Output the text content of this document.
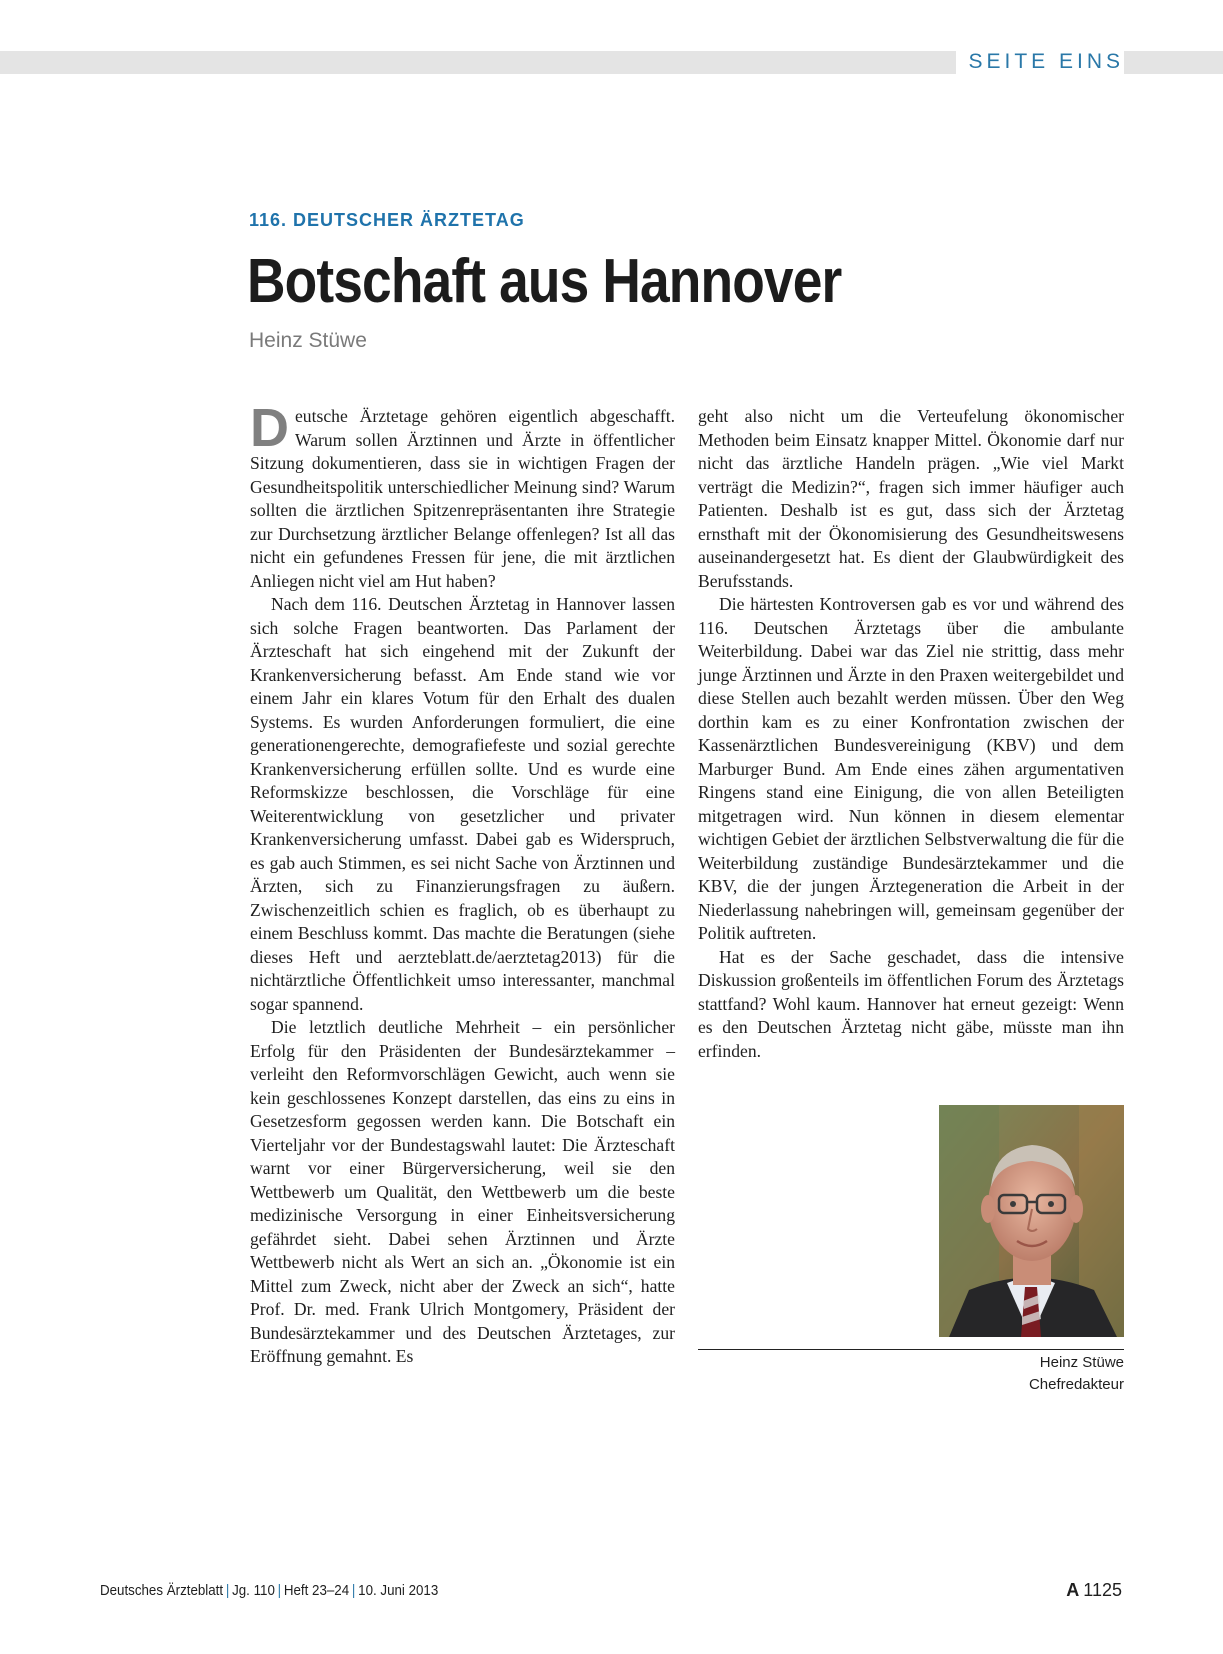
SEITE EINS
116. DEUTSCHER ÄRZTETAG
Botschaft aus Hannover
Heinz Stüwe

Deutsche Ärztetage gehören eigentlich abgeschafft. Warum sollen Ärztinnen und Ärzte in öffentlicher Sitzung dokumentieren, dass sie in wichtigen Fragen der Gesundheitspolitik unterschiedlicher Meinung sind? Warum sollten die ärztlichen Spitzenrepräsentanten ihre Strategie zur Durchsetzung ärztlicher Belange offenlegen? Ist all das nicht ein gefundenes Fressen für jene, die mit ärztlichen Anliegen nicht viel am Hut haben?

Nach dem 116. Deutschen Ärztetag in Hannover lassen sich solche Fragen beantworten. Das Parlament der Ärzteschaft hat sich eingehend mit der Zukunft der Krankenversicherung befasst. Am Ende stand wie vor einem Jahr ein klares Votum für den Erhalt des dualen Systems. Es wurden Anforderungen formuliert, die eine generationengerechte, demografiefeste und sozial gerechte Krankenversicherung erfüllen sollte. Und es wurde eine Reformskizze beschlossen, die Vorschläge für eine Weiterentwicklung von gesetzlicher und privater Krankenversicherung umfasst. Dabei gab es Widerspruch, es gab auch Stimmen, es sei nicht Sache von Ärztinnen und Ärzten, sich zu Finanzierungsfragen zu äußern. Zwischenzeitlich schien es fraglich, ob es überhaupt zu einem Beschluss kommt. Das machte die Beratungen (siehe dieses Heft und aerzteblatt.de/aerztetag2013) für die nichtärztliche Öffentlichkeit umso interessanter, manchmal sogar spannend.

Die letztlich deutliche Mehrheit – ein persönlicher Erfolg für den Präsidenten der Bundesärztekammer – verleiht den Reformvorschlägen Gewicht, auch wenn sie kein geschlossenes Konzept darstellen, das eins zu eins in Gesetzesform gegossen werden kann. Die Botschaft ein Vierteljahr vor der Bundestagswahl lautet: Die Ärzteschaft warnt vor einer Bürgerversicherung, weil sie den Wettbewerb um Qualität, den Wettbewerb um die beste medizinische Versorgung in einer Einheitsversicherung gefährdet sieht. Dabei sehen Ärztinnen und Ärzte Wettbewerb nicht als Wert an sich an. „Ökonomie ist ein Mittel zum Zweck, nicht aber der Zweck an sich“, hatte Prof. Dr. med. Frank Ulrich Montgomery, Präsident der Bundesärztekammer und des Deutschen Ärztetages, zur Eröffnung gemahnt. Es

geht also nicht um die Verteufelung ökonomischer Methoden beim Einsatz knapper Mittel. Ökonomie darf nur nicht das ärztliche Handeln prägen. „Wie viel Markt verträgt die Medizin?“, fragen sich immer häufiger auch Patienten. Deshalb ist es gut, dass sich der Ärztetag ernsthaft mit der Ökonomisierung des Gesundheitswesens auseinandergesetzt hat. Es dient der Glaubwürdigkeit des Berufsstands.

Die härtesten Kontroversen gab es vor und während des 116. Deutschen Ärztetags über die ambulante Weiterbildung. Dabei war das Ziel nie strittig, dass mehr junge Ärztinnen und Ärzte in den Praxen weitergebildet und diese Stellen auch bezahlt werden müssen. Über den Weg dorthin kam es zu einer Konfrontation zwischen der Kassenärztlichen Bundesvereinigung (KBV) und dem Marburger Bund. Am Ende eines zähen argumentativen Ringens stand eine Einigung, die von allen Beteiligten mitgetragen wird. Nun können in diesem elementar wichtigen Gebiet der ärztlichen Selbstverwaltung die für die Weiterbildung zuständige Bundesärztekammer und die KBV, die der jungen Ärztegeneration die Arbeit in der Niederlassung nahebringen will, gemeinsam gegenüber der Politik auftreten.

Hat es der Sache geschadet, dass die intensive Diskussion großenteils im öffentlichen Forum des Ärztetags stattfand? Wohl kaum. Hannover hat erneut gezeigt: Wenn es den Deutschen Ärztetag nicht gäbe, müsste man ihn erfinden.

Heinz Stüwe
Chefredakteur
Deutsches Ärzteblatt | Jg. 110 | Heft 23–24 | 10. Juni 2013	A 1125
